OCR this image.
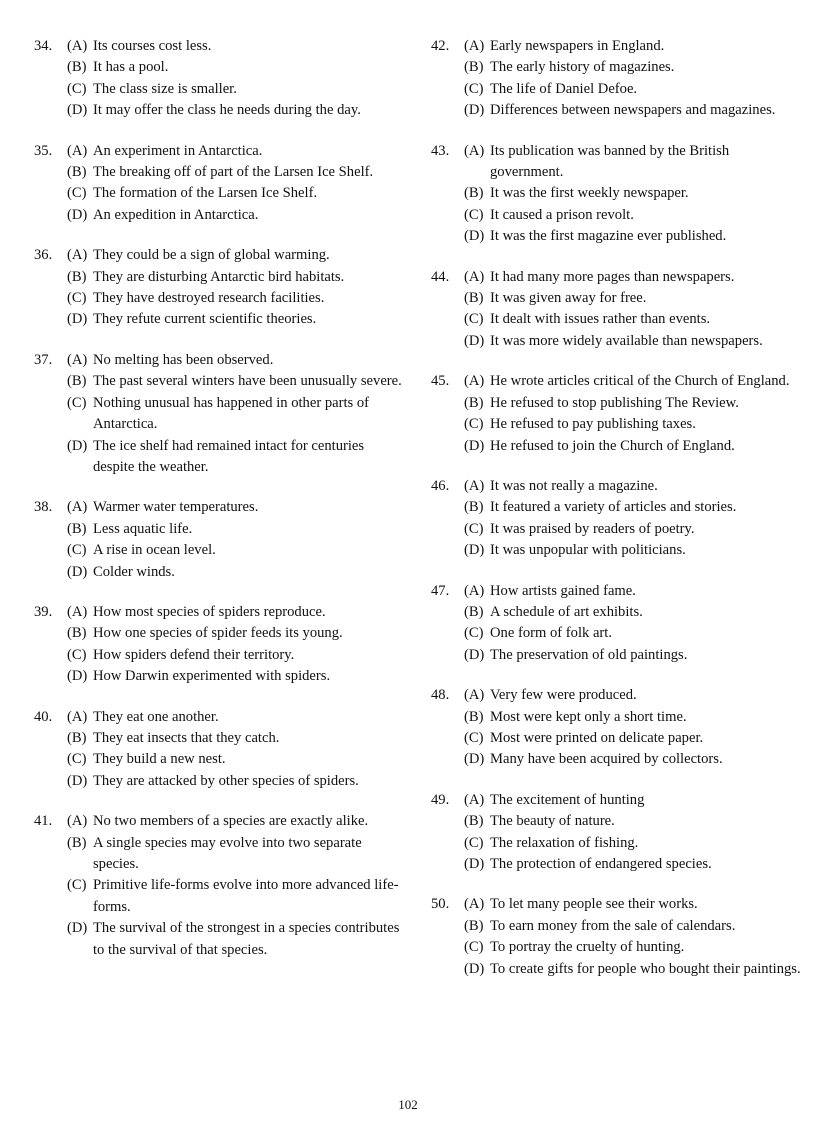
34. (A) Its courses cost less.
(B) It has a pool.
(C) The class size is smaller.
(D) It may offer the class he needs during the day.
35. (A) An experiment in Antarctica.
(B) The breaking off of part of the Larsen Ice Shelf.
(C) The formation of the Larsen Ice Shelf.
(D) An expedition in Antarctica.
36. (A) They could be a sign of global warming.
(B) They are disturbing Antarctic bird habitats.
(C) They have destroyed research facilities.
(D) They refute current scientific theories.
37. (A) No melting has been observed.
(B) The past several winters have been unusually severe.
(C) Nothing unusual has happened in other parts of Antarctica.
(D) The ice shelf had remained intact for centuries despite the weather.
38. (A) Warmer water temperatures.
(B) Less aquatic life.
(C) A rise in ocean level.
(D) Colder winds.
39. (A) How most species of spiders reproduce.
(B) How one species of spider feeds its young.
(C) How spiders defend their territory.
(D) How Darwin experimented with spiders.
40. (A) They eat one another.
(B) They eat insects that they catch.
(C) They build a new nest.
(D) They are attacked by other species of spiders.
41. (A) No two members of a species are exactly alike.
(B) A single species may evolve into two separate species.
(C) Primitive life-forms evolve into more advanced life-forms.
(D) The survival of the strongest in a species contributes to the survival of that species.
42. (A) Early newspapers in England.
(B) The early history of magazines.
(C) The life of Daniel Defoe.
(D) Differences between newspapers and magazines.
43. (A) Its publication was banned by the British government.
(B) It was the first weekly newspaper.
(C) It caused a prison revolt.
(D) It was the first magazine ever published.
44. (A) It had many more pages than newspapers.
(B) It was given away for free.
(C) It dealt with issues rather than events.
(D) It was more widely available than newspapers.
45. (A) He wrote articles critical of the Church of England.
(B) He refused to stop publishing The Review.
(C) He refused to pay publishing taxes.
(D) He refused to join the Church of England.
46. (A) It was not really a magazine.
(B) It featured a variety of articles and stories.
(C) It was praised by readers of poetry.
(D) It was unpopular with politicians.
47. (A) How artists gained fame.
(B) A schedule of art exhibits.
(C) One form of folk art.
(D) The preservation of old paintings.
48. (A) Very few were produced.
(B) Most were kept only a short time.
(C) Most were printed on delicate paper.
(D) Many have been acquired by collectors.
49. (A) The excitement of hunting
(B) The beauty of nature.
(C) The relaxation of fishing.
(D) The protection of endangered species.
50. (A) To let many people see their works.
(B) To earn money from the sale of calendars.
(C) To portray the cruelty of hunting.
(D) To create gifts for people who bought their paintings.
102
